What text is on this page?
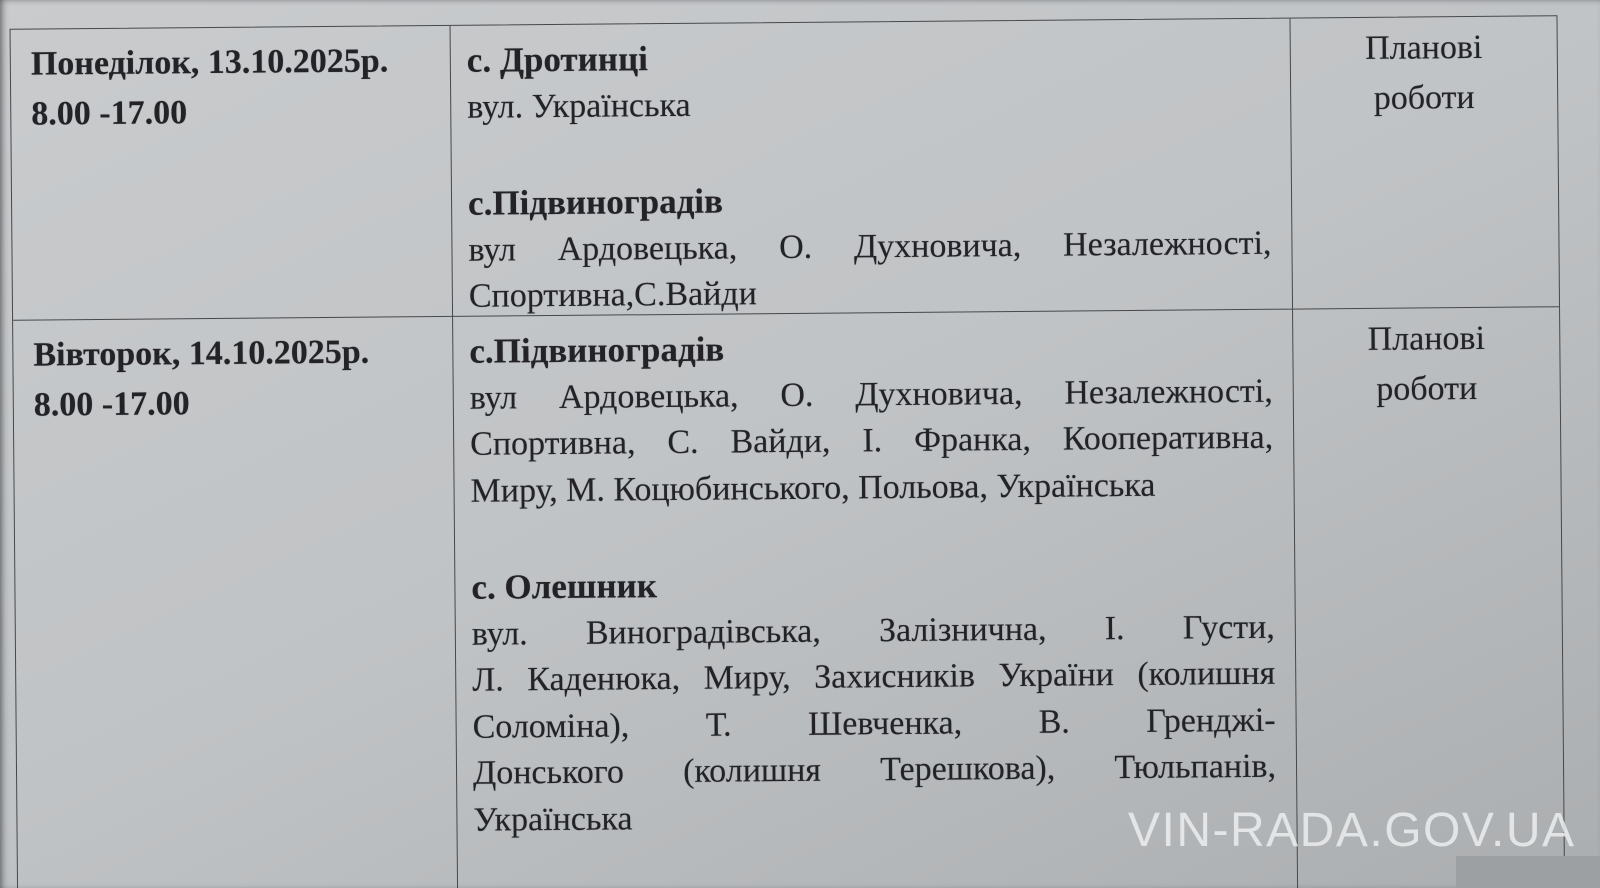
Понеділок, 13.10.2025р.
8.00 -17.00
с. Дротинці
вул. Українська
с.Підвиноградів
вул Ардовецька, О. Духновича, Незалежності,
Спортивна,С.Вайди
Планові
роботи
Вівторок, 14.10.2025р.
8.00 -17.00
с.Підвиноградів
вул Ардовецька, О. Духновича, Незалежності,
Спортивна, С. Вайди, І. Франка, Кооперативна,
Миру, М. Коцюбинського, Польова, Українська
с. Олешник
вул. Виноградівська, Залізнична, І. Густи,
Л. Каденюка, Миру, Захисників України (колишня
Соломіна), Т. Шевченка, В. Гренджі-
Донського (колишня Терешкова), Тюльпанів,
Українська
Планові
роботи
VIN-RADA.GOV.UA
